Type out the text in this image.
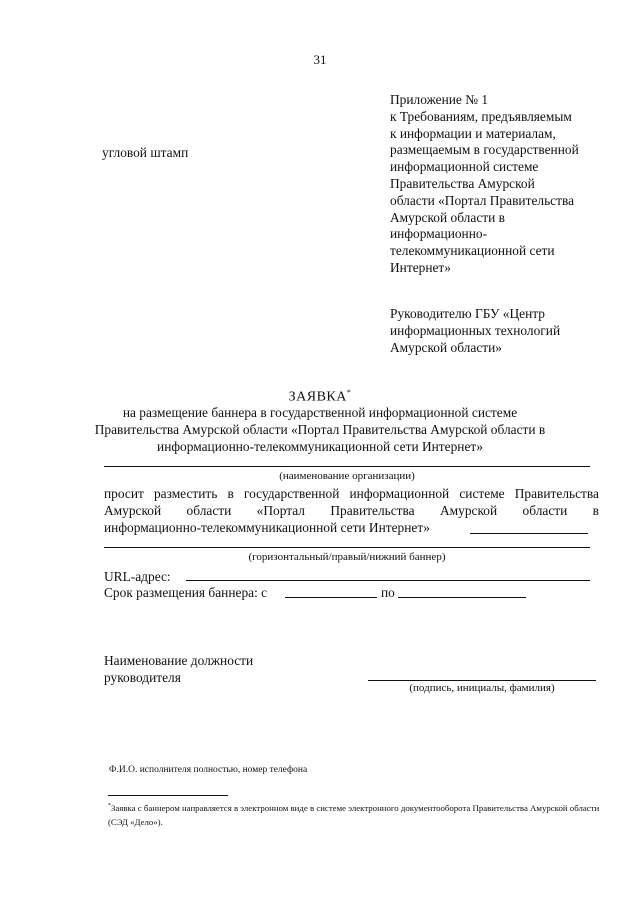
31
Приложение № 1
к Требованиям, предъявляемым
к информации и материалам,
размещаемым в государственной
информационной системе
Правительства Амурской
области «Портал Правительства
Амурской области в
информационно-
телекоммуникационной сети
Интернет»
угловой штамп
Руководителю ГБУ «Центр
информационных технологий
Амурской области»
ЗАЯВКА*
на размещение баннера в государственной информационной системе
Правительства Амурской области «Портал Правительства Амурской области в
информационно-телекоммуникационной сети Интернет»
(наименование организации)
просит разместить в государственной информационной системе Правительства
Амурской области «Портал Правительства Амурской области в
информационно-телекоммуникационной сети Интернет»
(горизонтальный/правый/нижний баннер)
URL-адрес:
Срок размещения баннера: с	по
Наименование должности
руководителя
(подпись, инициалы, фамилия)
Ф.И.О. исполнителя полностью, номер телефона
*Заявка с баннером направляется в электронном виде в системе электронного документооборота Правительства Амурской области (СЭД «Дело»).
